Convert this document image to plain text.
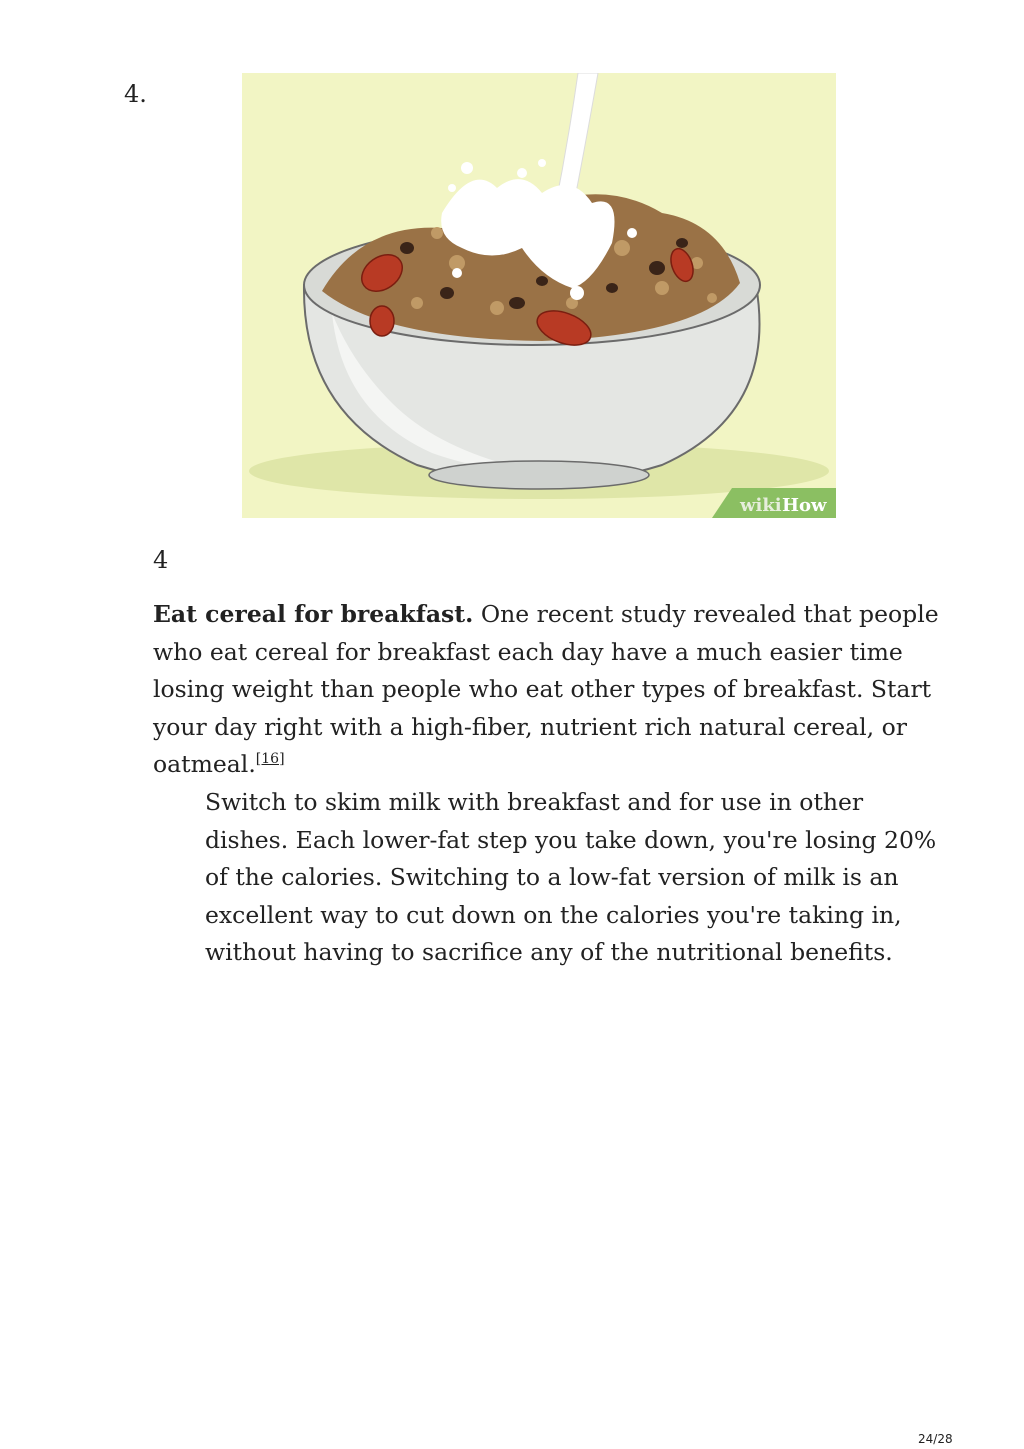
4.
wiki How
4

Eat cereal for breakfast. One recent study revealed that people who eat cereal for breakfast each day have a much easier time losing weight than people who eat other types of breakfast. Start your day right with a high-fiber, nutrient rich natural cereal, or oatmeal.[16]

Switch to skim milk with breakfast and for use in other dishes. Each lower-fat step you take down, you're losing 20% of the calories. Switching to a low-fat version of milk is an excellent way to cut down on the calories you're taking in, without having to sacrifice any of the nutritional benefits.

24/28
